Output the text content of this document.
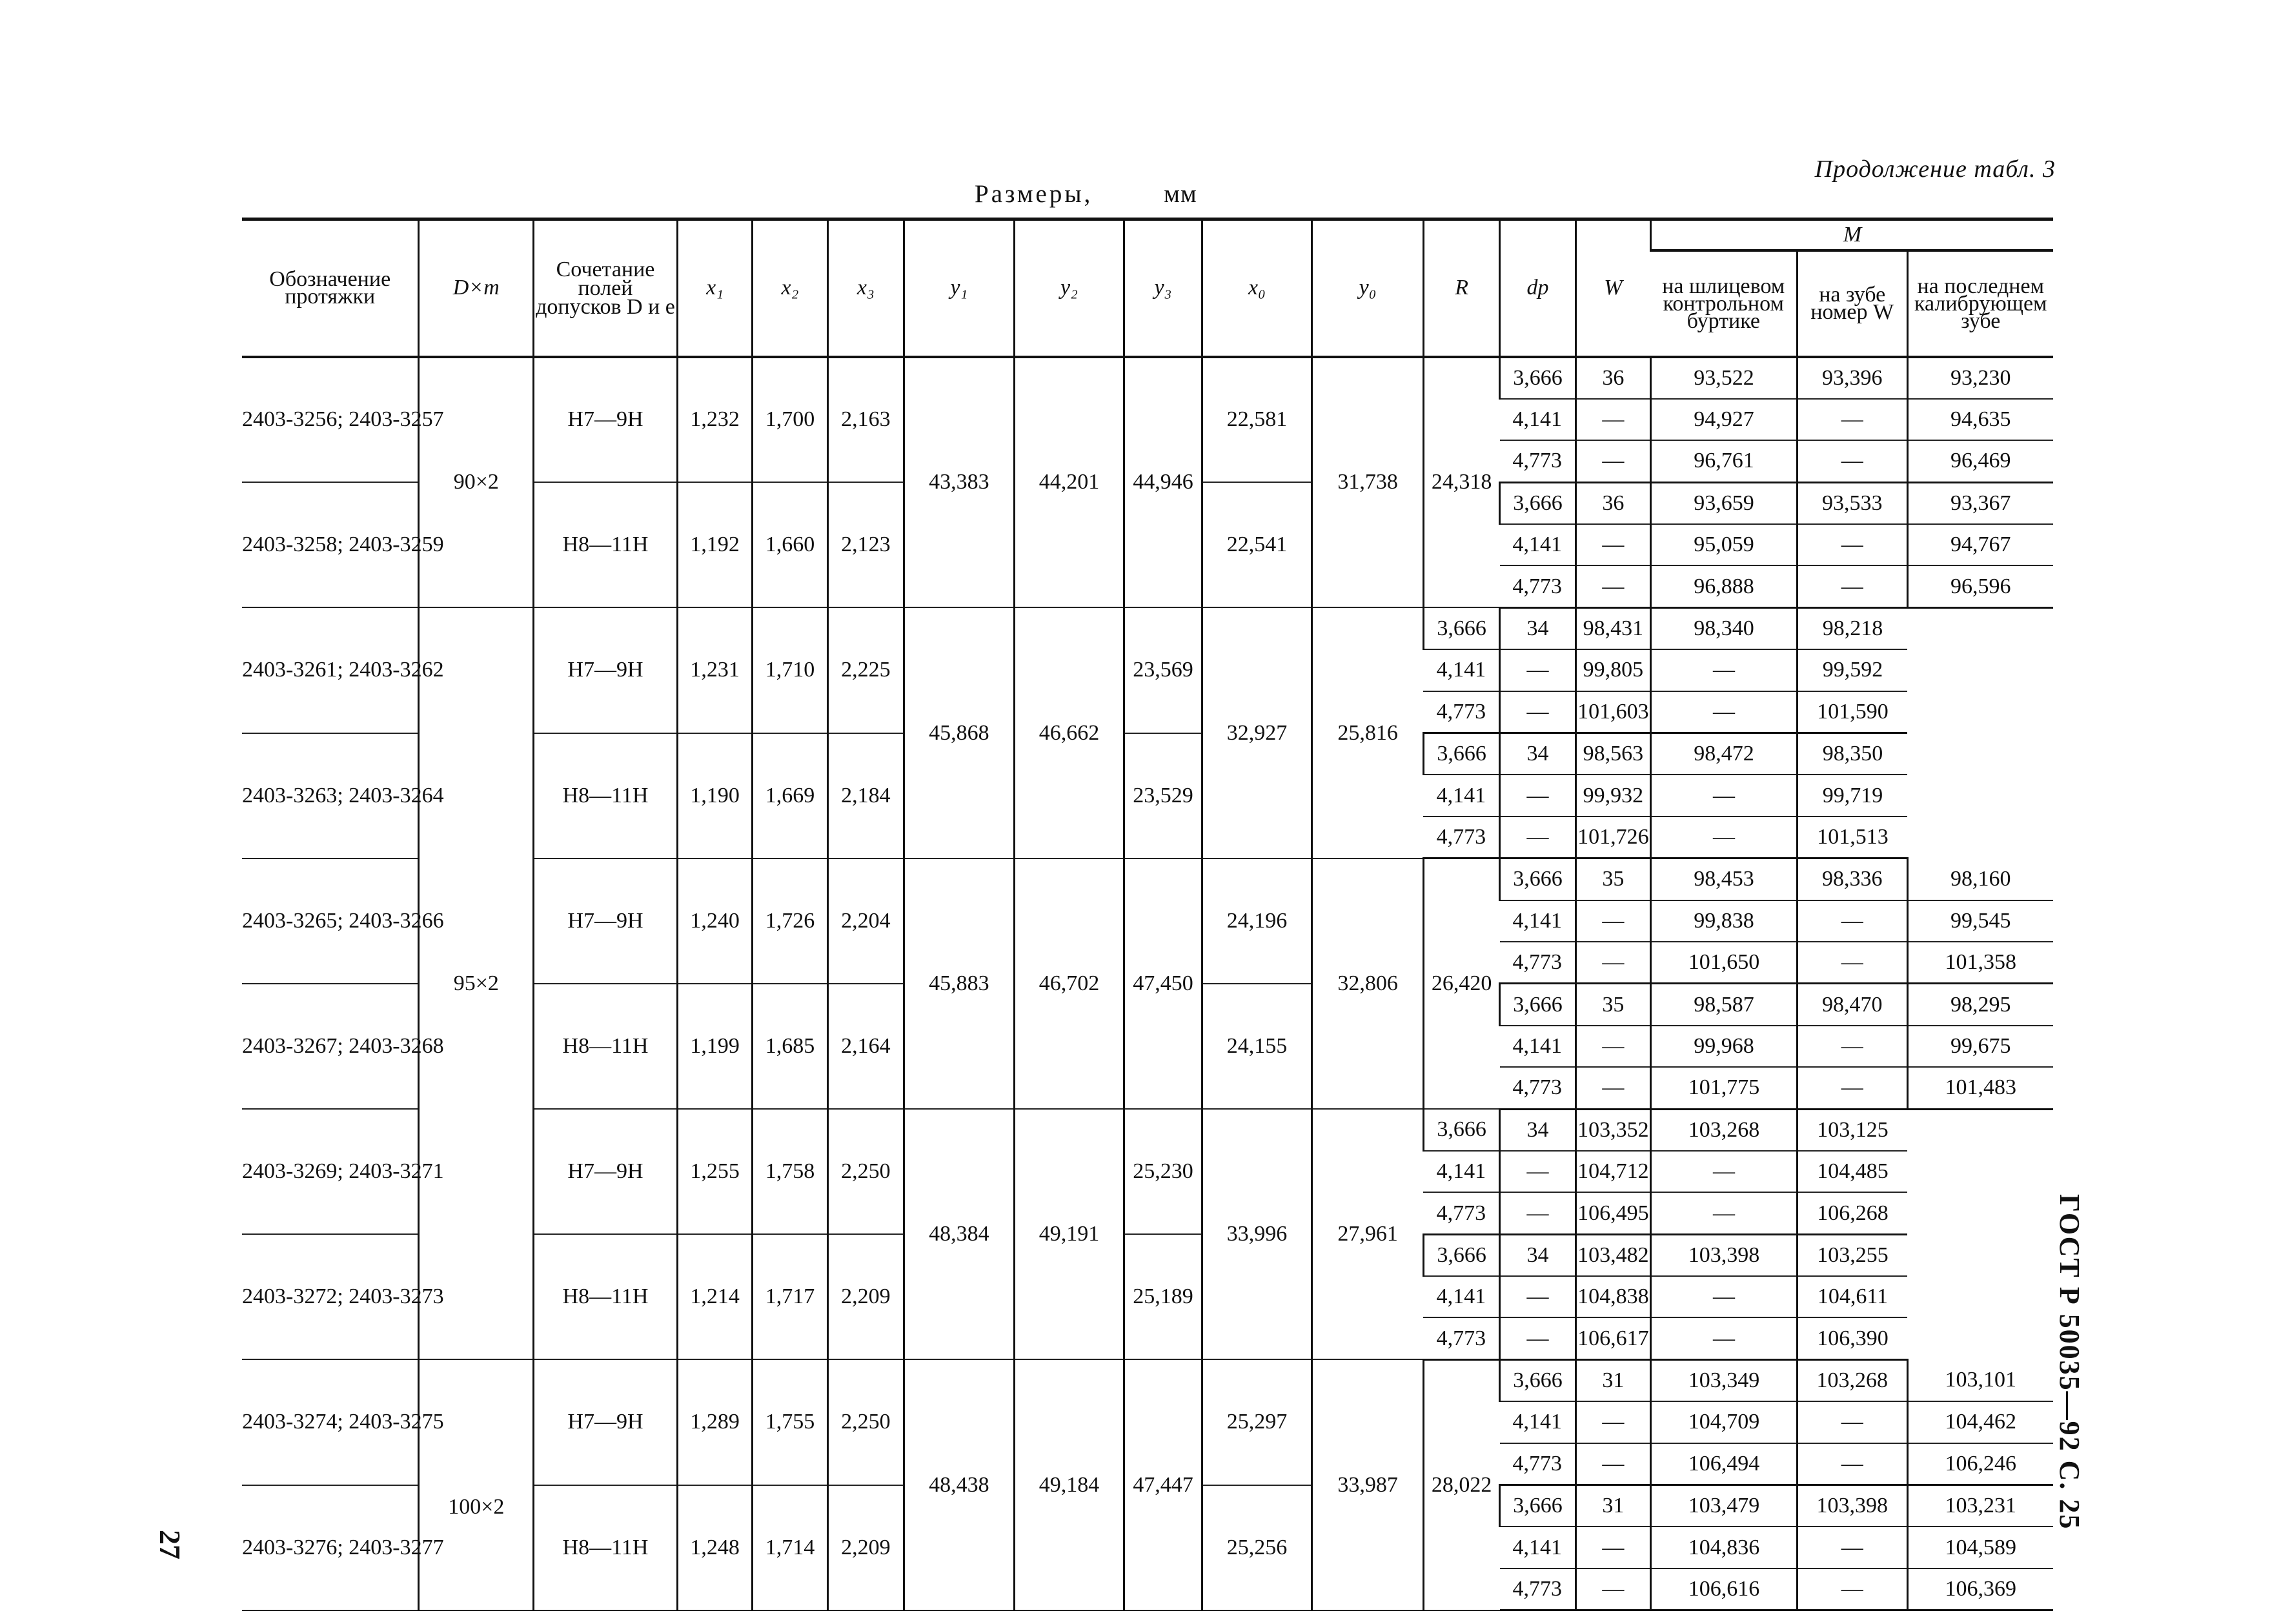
Продолжение табл. 3
Размеры,	мм
Обозначение протяжки	D×m	Сочетание полей допусков D и e	x₁	x₂	x₃	y₁	y₂	y₃	x₀	y₀	R	dp	W	M		
														на шлицевом контрольном буртике	на зубе номер W	на последнем калибрующем зубе
2403-3256; 2403-3257	90×2	H7—9H	1,232	1,700	2,163	43,383	44,201	44,946	22,581	31,738	24,318	3,666	36	93,522	93,396	93,230
												4,141	—	94,927	—	94,635
												4,773	—	96,761	—	96,469
2403-3258; 2403-3259		H8—11H	1,192	1,660	2,123				22,541			3,666	36	93,659	93,533	93,367
												4,141	—	95,059	—	94,767
												4,773	—	96,888	—	96,596
2403-3261; 2403-3262	95×2	H7—9H	1,231	1,710	2,225	45,868	46,662	23,569	32,927	25,816	3,666	34	98,431	98,340	98,218	
											4,141	—	99,805	—	99,592	
											4,773	—	101,603	—	101,590	
2403-3263; 2403-3264		H8—11H	1,190	1,669	2,184			23,529			3,666	34	98,563	98,472	98,350	
											4,141	—	99,932	—	99,719	
											4,773	—	101,726	—	101,513	
2403-3265; 2403-3266		H7—9H	1,240	1,726	2,204	45,883	46,702	47,450	24,196	32,806	26,420	3,666	35	98,453	98,336	98,160
												4,141	—	99,838	—	99,545
												4,773	—	101,650	—	101,358
2403-3267; 2403-3268		H8—11H	1,199	1,685	2,164				24,155			3,666	35	98,587	98,470	98,295
												4,141	—	99,968	—	99,675
												4,773	—	101,775	—	101,483
2403-3269; 2403-3271		H7—9H	1,255	1,758	2,250	48,384	49,191	25,230	33,996	27,961	3,666	34	103,352	103,268	103,125	
											4,141	—	104,712	—	104,485	
											4,773	—	106,495	—	106,268	
2403-3272; 2403-3273		H8—11H	1,214	1,717	2,209			25,189			3,666	34	103,482	103,398	103,255	
											4,141	—	104,838	—	104,611	
											4,773	—	106,617	—	106,390	
2403-3274; 2403-3275	100×2	H7—9H	1,289	1,755	2,250	48,438	49,184	47,447	25,297	33,987	28,022	3,666	31	103,349	103,268	103,101
												4,141	—	104,709	—	104,462
												4,773	—	106,494	—	106,246
2403-3276; 2403-3277		H8—11H	1,248	1,714	2,209				25,256			3,666	31	103,479	103,398	103,231
												4,141	—	104,836	—	104,589
												4,773	—	106,616	—	106,369
ГОСТ Р 50035—92 С. 25
27
